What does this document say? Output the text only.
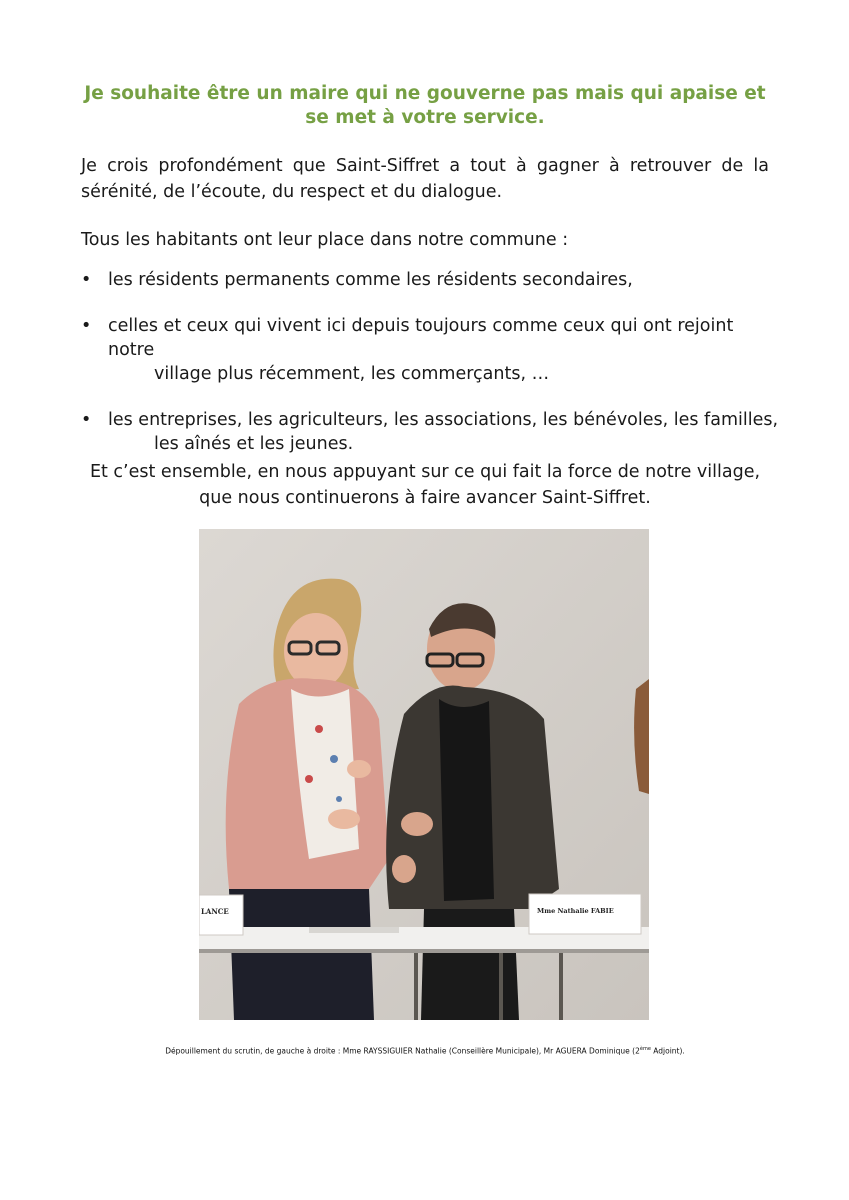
Je souhaite être un maire qui ne gouverne pas mais qui apaise et se met à votre service.

Je crois profondément que Saint-Siffret a tout à gagner à retrouver de la sérénité, de l’écoute, du respect et du dialogue.

Tous les habitants ont leur place dans notre commune :

• les résidents permanents comme les résidents secondaires,
• celles et ceux qui vivent ici depuis toujours comme ceux qui ont rejoint notre
village plus récemment, les commerçants, …
• les entreprises, les agriculteurs, les associations, les bénévoles, les familles,
les aînés et les jeunes.

Et c’est ensemble, en nous appuyant sur ce qui fait la force de notre village,
que nous continuerons à faire avancer Saint-Siffret.

LANCE	Mme Nathalie FABIE

Dépouillement du scrutin, de gauche à droite : Mme RAYSSIGUIER Nathalie (Conseillère Municipale), Mr AGUERA Dominique (2ème Adjoint).
